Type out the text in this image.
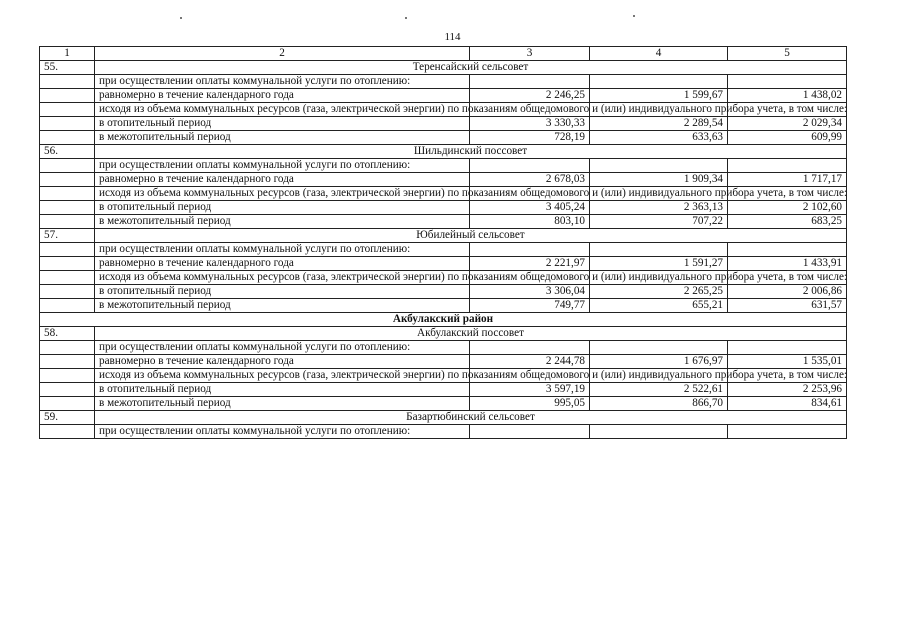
114
1	2	3	4	5
55.	Теренсайский сельсовет			
	при осуществлении оплаты коммунальной услуги по отоплению:			
	равномерно в течение календарного года	2 246,25	1 599,67	1 438,02
	исходя из объема коммунальных ресурсов (газа, электрической энергии) по показаниям общедомового и (или) индивидуального прибора учета, в том числе:			
	в отопительный период	3 330,33	2 289,54	2 029,34
	в межотопительный период	728,19	633,63	609,99
56.	Шильдинский поссовет			
	при осуществлении оплаты коммунальной услуги по отоплению:			
	равномерно в течение календарного года	2 678,03	1 909,34	1 717,17
	исходя из объема коммунальных ресурсов (газа, электрической энергии) по показаниям общедомового и (или) индивидуального прибора учета, в том числе:			
	в отопительный период	3 405,24	2 363,13	2 102,60
	в межотопительный период	803,10	707,22	683,25
57.	Юбилейный сельсовет			
	при осуществлении оплаты коммунальной услуги по отоплению:			
	равномерно в течение календарного года	2 221,97	1 591,27	1 433,91
	исходя из объема коммунальных ресурсов (газа, электрической энергии) по показаниям общедомового и (или) индивидуального прибора учета, в том числе:			
	в отопительный период	3 306,04	2 265,25	2 006,86
	в межотопительный период	749,77	655,21	631,57
Акбулакский район				
58.	Акбулакский поссовет			
	при осуществлении оплаты коммунальной услуги по отоплению:			
	равномерно в течение календарного года	2 244,78	1 676,97	1 535,01
	исходя из объема коммунальных ресурсов (газа, электрической энергии) по показаниям общедомового и (или) индивидуального прибора учета, в том числе:			
	в отопительный период	3 597,19	2 522,61	2 253,96
	в межотопительный период	995,05	866,70	834,61
59.	Базартюбинский сельсовет			
	при осуществлении оплаты коммунальной услуги по отоплению:			
